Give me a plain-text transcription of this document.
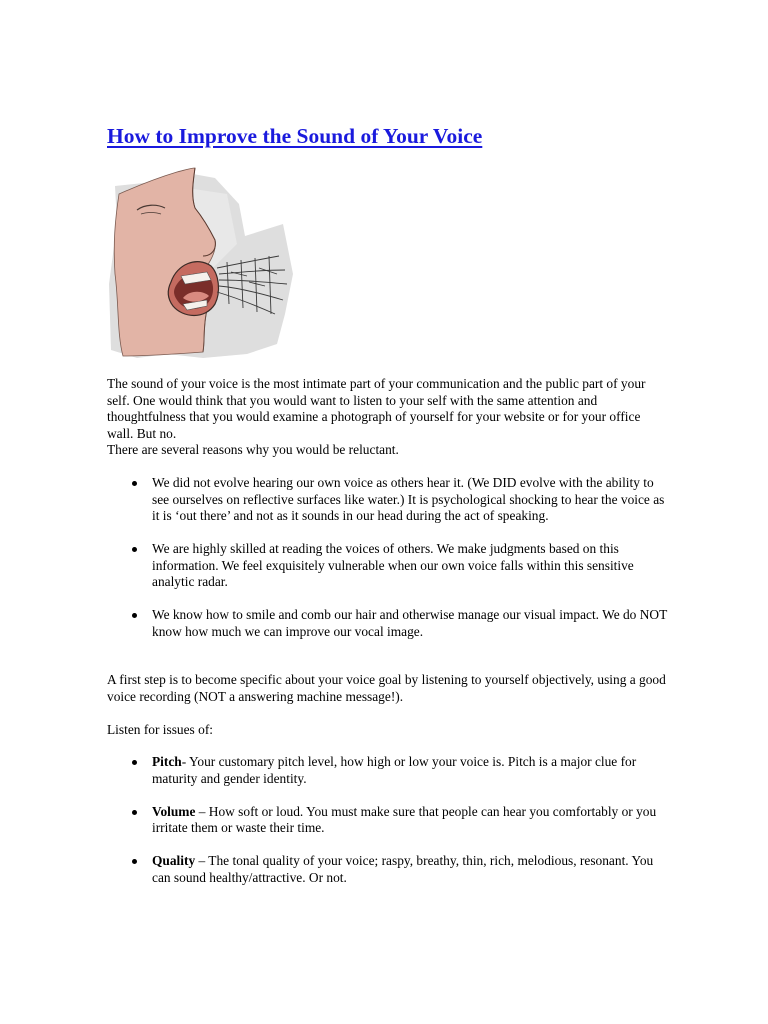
How to Improve the Sound of Your Voice

The sound of your voice is the most intimate part of your communication and the public part of your self. One would think that you would want to listen to your self with the same attention and thoughtfulness that you would examine a photograph of yourself for your website or for your office wall. But no.

There are several reasons why you would be reluctant.

We did not evolve hearing our own voice as others hear it. (We DID evolve with the ability to see ourselves on reflective surfaces like water.) It is psychological shocking to hear the voice as it is ‘out there’ and not as it sounds in our head during the act of speaking.
We are highly skilled at reading the voices of others. We make judgments based on this information. We feel exquisitely vulnerable when our own voice falls within this sensitive analytic radar.
We know how to smile and comb our hair and otherwise manage our visual impact. We do NOT know how much we can improve our vocal image.

A first step is to become specific about your voice goal by listening to yourself objectively, using a good voice recording (NOT a answering machine message!).

Listen for issues of:

Pitch- Your customary pitch level, how high or low your voice is. Pitch is a major clue for maturity and gender identity.
Volume – How soft or loud. You must make sure that people can hear you comfortably or you irritate them or waste their time.
Quality – The tonal quality of your voice; raspy, breathy, thin, rich, melodious, resonant. You can sound healthy/attractive. Or not.
